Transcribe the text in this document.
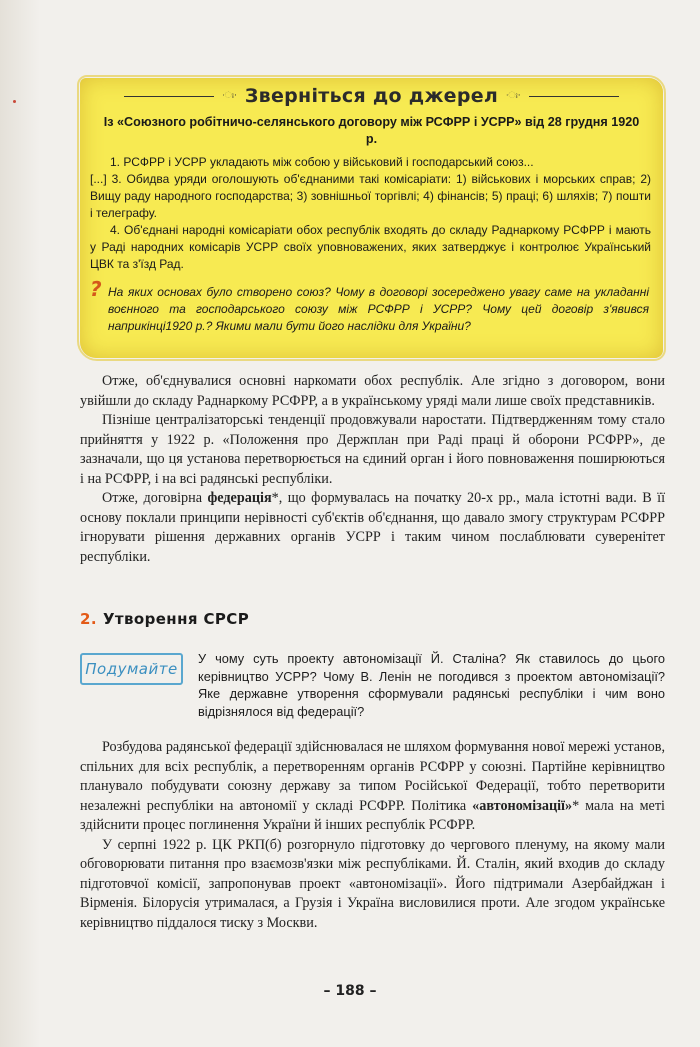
·ಃ· Зверніться до джерел ·ಃ·
Із «Союзного робітничо-селянського договору між РСФРР і УСРР» від 28 грудня 1920 р.

1. РСФРР і УСРР укладають між собою у військовий і господарський союз...

[...] 3. Обидва уряди оголошують об'єднаними такі комісаріати: 1) військових і морських справ; 2) Вищу раду народного господарства; 3) зовнішньої торгівлі; 4) фінансів; 5) праці; 6) шляхів; 7) пошти і телеграфу.

4. Об'єднані народні комісаріати обох республік входять до складу Раднаркому РСФРР і мають у Раді народних комісарів УСРР своїх уповноважених, яких затверджує і контролює Український ЦВК та з'їзд Рад.

? На яких основах було створено союз? Чому в договорі зосереджено увагу саме на укладанні воєнного та господарського союзу між РСФРР і УСРР? Чому цей договір з'явився наприкінці1920 р.? Якими мали бути його наслідки для України?

Отже, об'єднувалися основні наркомати обох республік. Але згідно з договором, вони увійшли до складу Раднаркому РСФРР, а в українському уряді мали лише своїх представників.

Пізніше централізаторські тенденції продовжували наростати. Підтвердженням тому стало прийняття у 1922 р. «Положення про Держплан при Раді праці й оборони РСФРР», де зазначали, що ця установа перетворюється на єдиний орган і його повноваження поширюються і на РСФРР, і на всі радянські республіки.

Отже, договірна федерація*, що формувалась на початку 20-х рр., мала істотні вади. В її основу поклали принципи нерівності суб'єктів об'єднання, що давало змогу структурам РСФРР ігнорувати рішення державних органів УСРР і таким чином послаблювати суверенітет республіки.

2. Утворення СРСР
Подумайте

У чому суть проекту автономізації Й. Сталіна? Як ставилось до цього керівництво УСРР? Чому В. Ленін не погодився з проектом автономізації? Яке державне утворення сформували радянські республіки і чим воно відрізнялося від федерації?

Розбудова радянської федерації здійснювалася не шляхом формування нової мережі установ, спільних для всіх республік, а перетворенням органів РСФРР у союзні. Партійне керівництво планувало побудувати союзну державу за типом Російської Федерації, тобто перетворити незалежні республіки на автономії у складі РСФРР. Політика «автономізації»* мала на меті здійснити процес поглинення України й інших республік РСФРР.

У серпні 1922 р. ЦК РКП(б) розгорнуло підготовку до чергового пленуму, на якому мали обговорювати питання про взаємозв'язки між республіками. Й. Сталін, який входив до складу підготовчої комісії, запропонував проект «автономізації». Його підтримали Азербайджан і Вірменія. Білорусія утрималася, а Грузія і Україна висловилися проти. Але згодом українське керівництво піддалося тиску з Москви.

– 188 –
